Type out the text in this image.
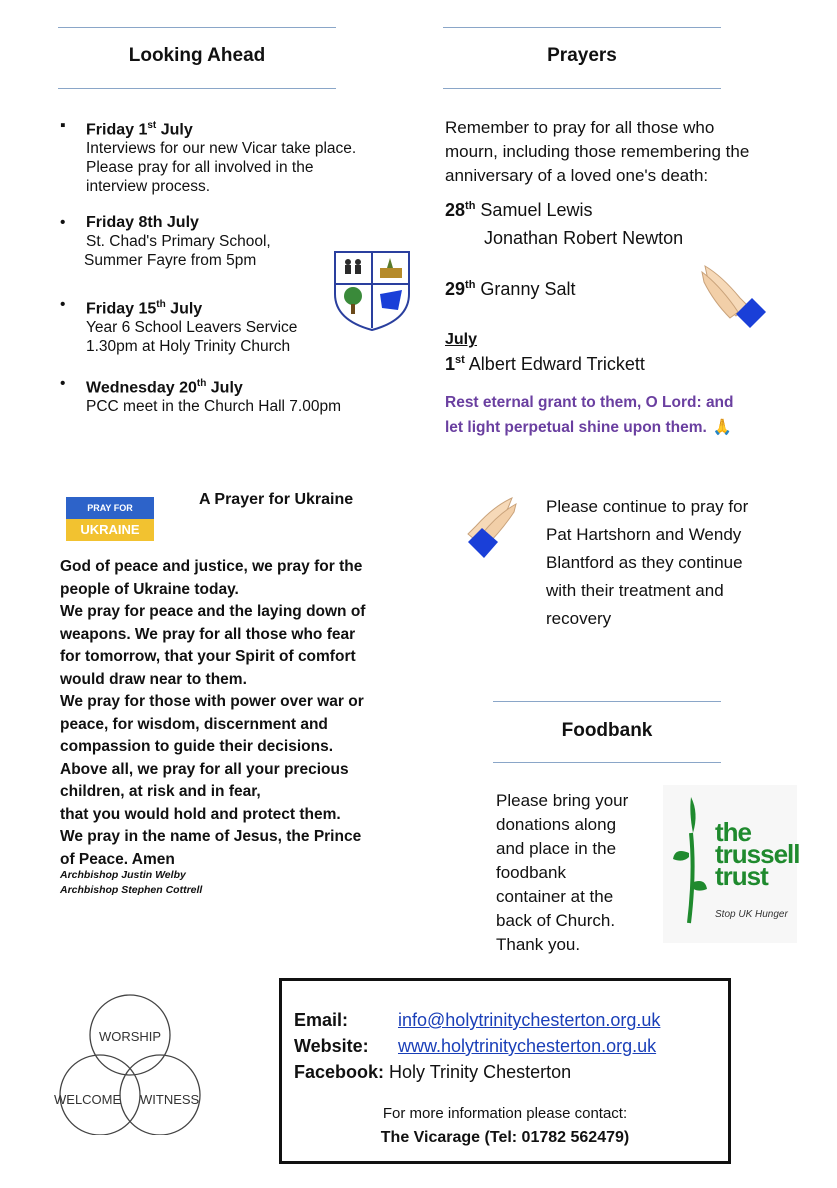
Looking Ahead
▪ Friday 1st July
Interviews for our new Vicar take place.
Please pray for all involved in the
interview process.
• Friday 8th July
St. Chad's Primary School,
Summer Fayre from 5pm
• Friday 15th July
Year 6 School Leavers Service
1.30pm at Holy Trinity Church
• Wednesday 20th July
PCC meet in the Church Hall 7.00pm
Prayers
Remember to pray for all those who
mourn, including those remembering the
anniversary of a loved one's death:
28th Samuel Lewis
Jonathan Robert Newton
29th Granny Salt
July
1st Albert Edward Trickett
Rest eternal grant to them, O Lord: and
let light perpetual shine upon them. 🙏
PRAY FOR
UKRAINE
A Prayer for Ukraine
God of peace and justice, we pray for the
people of Ukraine today.
We pray for peace and the laying down of
weapons. We pray for all those who fear
for tomorrow, that your Spirit of comfort
would draw near to them.
We pray for those with power over war or
peace, for wisdom, discernment and
compassion to guide their decisions.
Above all, we pray for all your precious
children, at risk and in fear,
that you would hold and protect them.
We pray in the name of Jesus, the Prince
of Peace. Amen
Archbishop Justin Welby
Archbishop Stephen Cottrell
Please continue to pray for
Pat Hartshorn and Wendy
Blantford as they continue
with their treatment and
recovery
Foodbank
Please bring your
donations along
and place in the
foodbank
container at the
back of Church.
Thank you.
the
trussell
trust
Stop UK Hunger
WORSHIP
WELCOME WITNESS
Email:	info@holytrinitychesterton.org.uk
Website: www.holytrinitychesterton.org.uk
Facebook: Holy Trinity Chesterton
For more information please contact:
The Vicarage (Tel: 01782 562479)
